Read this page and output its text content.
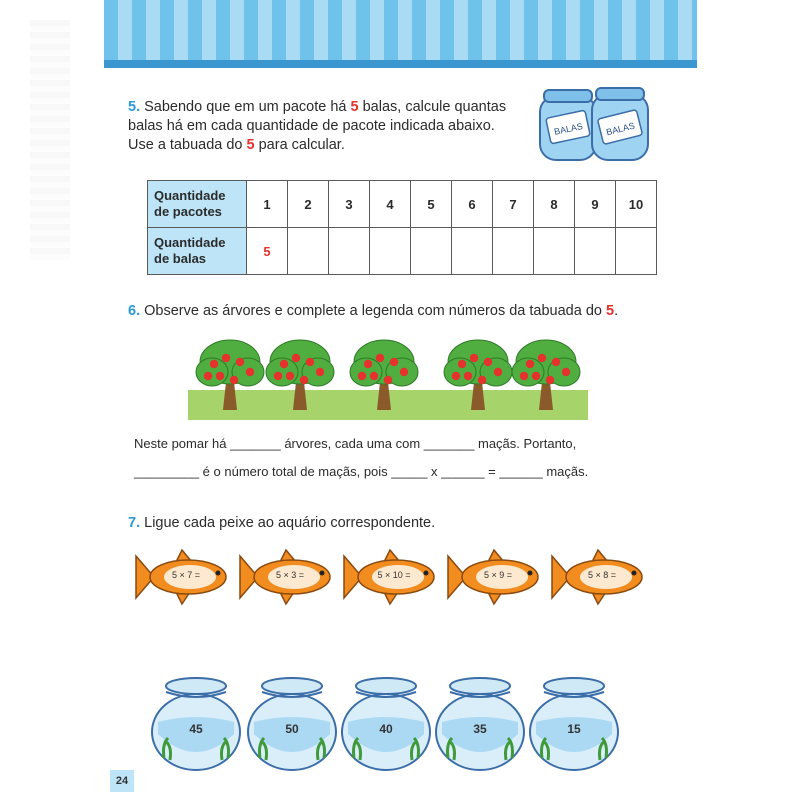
5. Sabendo que em um pacote há 5 balas, calcule quantas balas há em cada quantidade de pacote indicada abaixo. Use a tabuada do 5 para calcular.
BALAS BALAS
Quantidade
de pacotes	1	2	3	4	5	6	7	8	9	10
Quantidade
de balas	5									
6. Observe as árvores e complete a legenda com números da tabuada do 5.
Neste pomar há _______ árvores, cada uma com _______ maçãs. Portanto,
_________ é o número total de maçãs, pois _____ x ______ = ______ maçãs.
7. Ligue cada peixe ao aquário correspondente.
5 × 7 =	5 × 3 =	5 × 10 =	5 × 9 =	5 × 8 =
45	50	40	35	15
24
